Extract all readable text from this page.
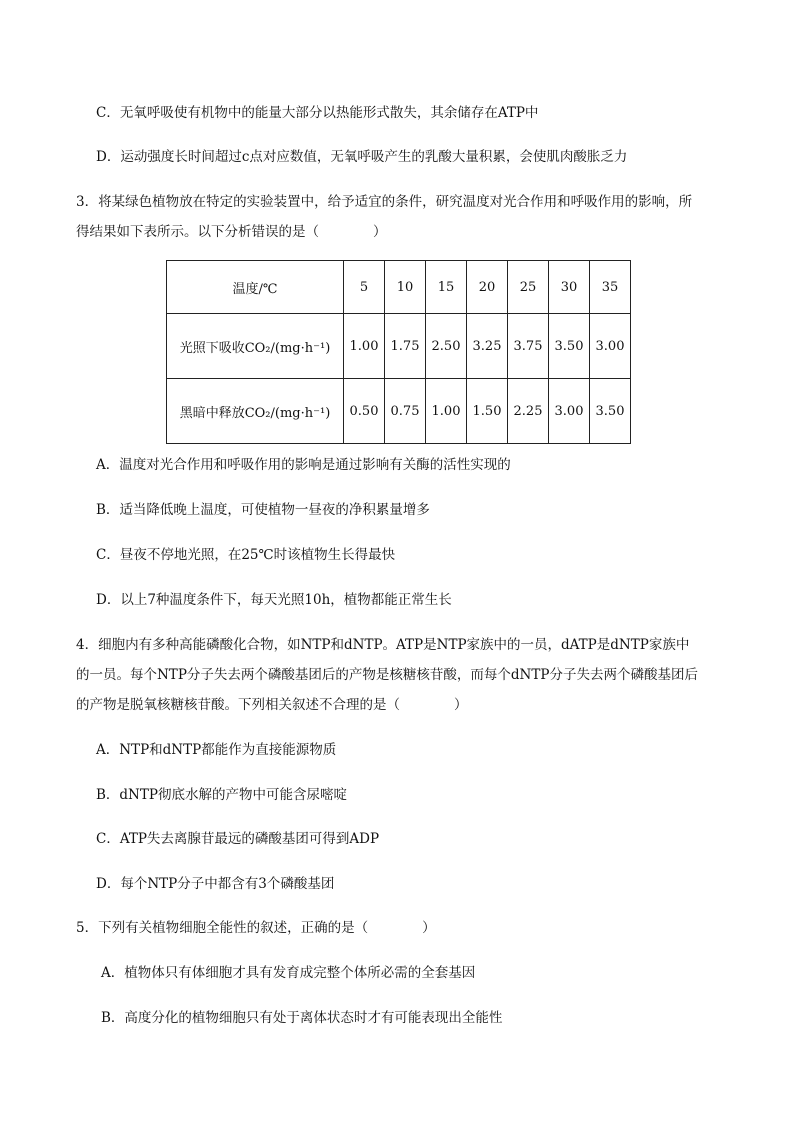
C．无氧呼吸使有机物中的能量大部分以热能形式散失，其余储存在ATP中
D．运动强度长时间超过c点对应数值，无氧呼吸产生的乳酸大量积累，会使肌肉酸胀乏力
3．将某绿色植物放在特定的实验装置中，给予适宜的条件，研究温度对光合作用和呼吸作用的影响，所
得结果如下表所示。以下分析错误的是（　　　　）
温度/℃	5	10	15	20	25	30	35
光照下吸收CO₂/(mg·h⁻¹)	1.00	1.75	2.50	3.25	3.75	3.50	3.00
黑暗中释放CO₂/(mg·h⁻¹)	0.50	0.75	1.00	1.50	2.25	3.00	3.50
A．温度对光合作用和呼吸作用的影响是通过影响有关酶的活性实现的
B．适当降低晚上温度，可使植物一昼夜的净积累量增多
C．昼夜不停地光照，在25℃时该植物生长得最快
D．以上7种温度条件下，每天光照10h，植物都能正常生长
4．细胞内有多种高能磷酸化合物，如NTP和dNTP。ATP是NTP家族中的一员，dATP是dNTP家族中
的一员。每个NTP分子失去两个磷酸基团后的产物是核糖核苷酸，而每个dNTP分子失去两个磷酸基团后
的产物是脱氧核糖核苷酸。下列相关叙述不合理的是（　　　　）
A．NTP和dNTP都能作为直接能源物质
B．dNTP彻底水解的产物中可能含尿嘧啶
C．ATP失去离腺苷最远的磷酸基团可得到ADP
D．每个NTP分子中都含有3个磷酸基团
5．下列有关植物细胞全能性的叙述，正确的是（　　　　）
A．植物体只有体细胞才具有发育成完整个体所必需的全套基因
B．高度分化的植物细胞只有处于离体状态时才有可能表现出全能性
